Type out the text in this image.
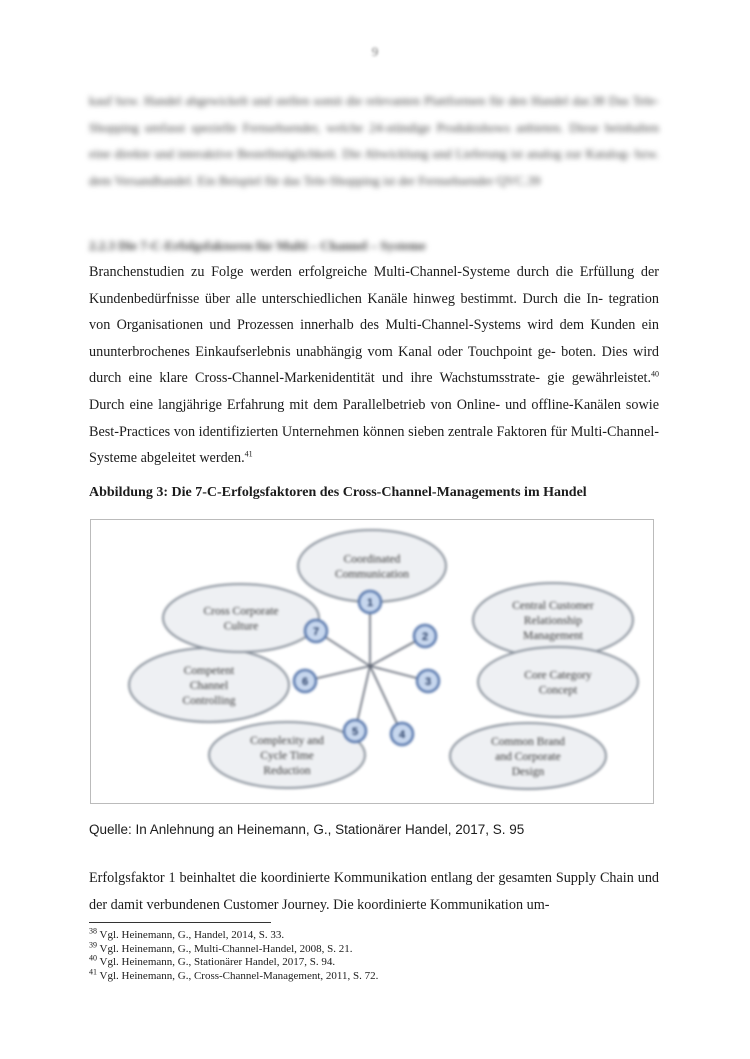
9
kauf bzw. Handel abgewickelt und stellen somit die relevanten Plattformen für den Handel dar.38 Das Tele-Shopping umfasst spezielle Fernsehsender, welche 24-stündige Produktshows anbieten. Diese beinhalten eine direkte und interaktive Bestellmöglichkeit. Die Abwicklung und Lieferung ist analog zur Katalog- bzw. dem Versandhandel. Ein Beispiel für das Tele-Shopping ist der Fernsehsender QVC.39
2.2.3 Die 7-C-Erfolgsfaktoren für Multi – Channel – Systeme
Branchenstudien zu Folge werden erfolgreiche Multi-Channel-Systeme durch die Erfüllung der Kundenbedürfnisse über alle unterschiedlichen Kanäle hinweg bestimmt. Durch die In- tegration von Organisationen und Prozessen innerhalb des Multi-Channel-Systems wird dem Kunden ein ununterbrochenes Einkaufserlebnis unabhängig vom Kanal oder Touchpoint ge- boten. Dies wird durch eine klare Cross-Channel-Markenidentität und ihre Wachstumsstrate- gie gewährleistet.$^{40}$ Durch eine langjährige Erfahrung mit dem Parallelbetrieb von Online- und offline-Kanälen sowie Best-Practices von identifizierten Unternehmen können sieben zentrale Faktoren für Multi-Channel-Systeme abgeleitet werden.$^{41}$
Abbildung 3: Die 7-C-Erfolgsfaktoren des Cross-Channel-Managements im Handel
Coordinated Communication
Central Customer Relationship Management
Core Category Concept
Common Brand and Corporate Design
Complexity and Cycle Time Reduction
Competent Channel Controlling
Cross Corporate Culture
1
2
3
4
5
6
7
Quelle: In Anlehnung an Heinemann, G., Stationärer Handel, 2017, S. 95
Erfolgsfaktor 1 beinhaltet die koordinierte Kommunikation entlang der gesamten Supply Chain und der damit verbundenen Customer Journey. Die koordinierte Kommunikation um-
$^{38}$ Vgl. Heinemann, G., Handel, 2014, S. 33.
$^{39}$ Vgl. Heinemann, G., Multi-Channel-Handel, 2008, S. 21.
$^{40}$ Vgl. Heinemann, G., Stationärer Handel, 2017, S. 94.
$^{41}$ Vgl. Heinemann, G., Cross-Channel-Management, 2011, S. 72.
